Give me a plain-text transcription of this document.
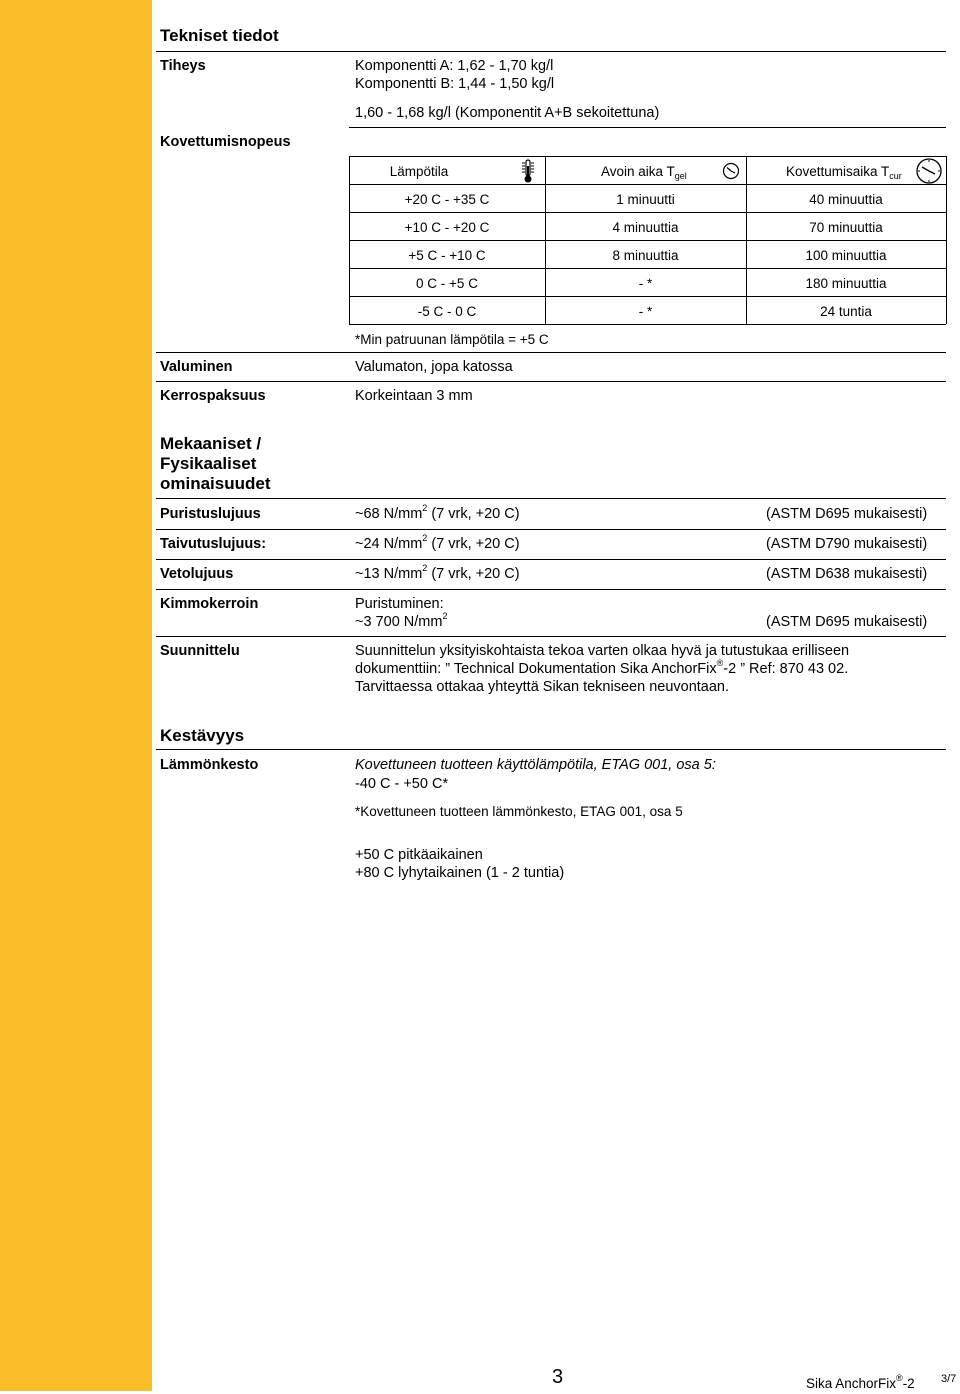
Tekniset tiedot
Tiheys	Komponentti A: 1,62 - 1,70 kg/l
Komponentti B: 1,44 - 1,50 kg/l
1,60 - 1,68 kg/l (Komponentit A+B sekoitettuna)
Kovettumisnopeus
Lämpötila	Avoin aika $T_{gel}$	Kovettumisaika $T_{cur}$
+20 C - +35 C	1 minuutti	40 minuuttia
+10 C - +20 C	4 minuuttia	70 minuuttia
+5 C - +10 C	8 minuuttia	100 minuuttia
0 C - +5 C	- *	180 minuuttia
-5 C - 0 C	- *	24 tuntia
*Min patruunan lämpötila = +5 C
Valuminen	Valumaton, jopa katossa
Kerrospaksuus	Korkeintaan 3 mm
Mekaaniset /
Fysikaaliset
ominaisuudet
Puristuslujuus	~68 $N/mm^2$ (7 vrk, +20 C)	(ASTM D695 mukaisesti)
Taivutuslujuus:	~24 $N/mm^2$ (7 vrk, +20 C)	(ASTM D790 mukaisesti)
Vetolujuus	~13 $N/mm^2$ (7 vrk, +20 C)	(ASTM D638 mukaisesti)
Kimmokerroin	Puristuminen:
~3 700 $N/mm^2$	(ASTM D695 mukaisesti)
Suunnittelu	Suunnittelun yksityiskohtaista tekoa varten olkaa hyvä ja tutustukaa erilliseen
dokumenttiin: ” Technical Dokumentation Sika AnchorFix®-2 ” Ref: 870 43 02.
Tarvittaessa ottakaa yhteyttä Sikan tekniseen neuvontaan.
Kestävyys
Lämmönkesto	Kovettuneen tuotteen käyttölämpötila, ETAG 001, osa 5:
-40 C - +50 C*
*Kovettuneen tuotteen lämmönkesto, ETAG 001, osa 5
+50 C pitkäaikainen
+80 C lyhytaikainen (1 - 2 tuntia)
3	Sika AnchorFix®-2 3/7
